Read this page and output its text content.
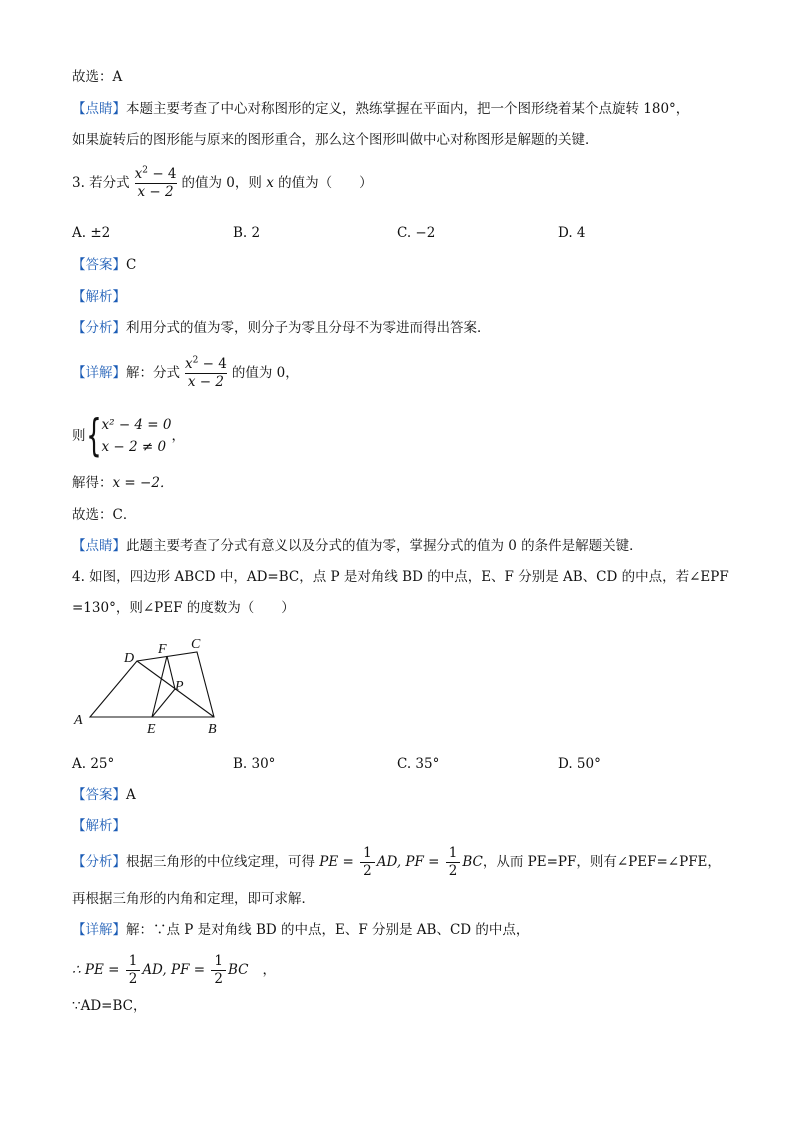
故选：A
【点睛】本题主要考查了中心对称图形的定义，熟练掌握在平面内，把一个图形绕着某个点旋转 180°，
如果旋转后的图形能与原来的图形重合，那么这个图形叫做中心对称图形是解题的关键．
3. 若分式 $\frac{x^2 - 4}{x - 2}$ 的值为 0，则 x 的值为（　　）
A. ±2	B. 2	C. −2	D. 4
【答案】C
【解析】
【分析】利用分式的值为零，则分子为零且分母不为零进而得出答案．
【详解】解：分式 $\frac{x^2 - 4}{x - 2}$ 的值为 0，
则 { x² − 4 = 0
x − 2 ≠ 0
，
解得：x = −2．
故选：C．
【点睛】此题主要考查了分式有意义以及分式的值为零，掌握分式的值为 0 的条件是解题关键．
4. 如图，四边形 ABCD 中，AD=BC，点 P 是对角线 BD 的中点，E、F 分别是 AB、CD 的中点，若∠EPF
=130°，则∠PEF 的度数为（　　）
A
B
C
D
E
F
P
A. 25°	B. 30°	C. 35°	D. 50°
【答案】A
【解析】
【分析】根据三角形的中位线定理，可得 PE = $\frac{1}{2}$ AD, PF = $\frac{1}{2}$ BC，从而 PE=PF，则有∠PEF=∠PFE，
再根据三角形的内角和定理，即可求解．
【详解】解：∵点 P 是对角线 BD 的中点，E、F 分别是 AB、CD 的中点，
∴ PE = $\frac{1}{2}$ AD, PF = $\frac{1}{2}$ BC ，
∵AD=BC，
